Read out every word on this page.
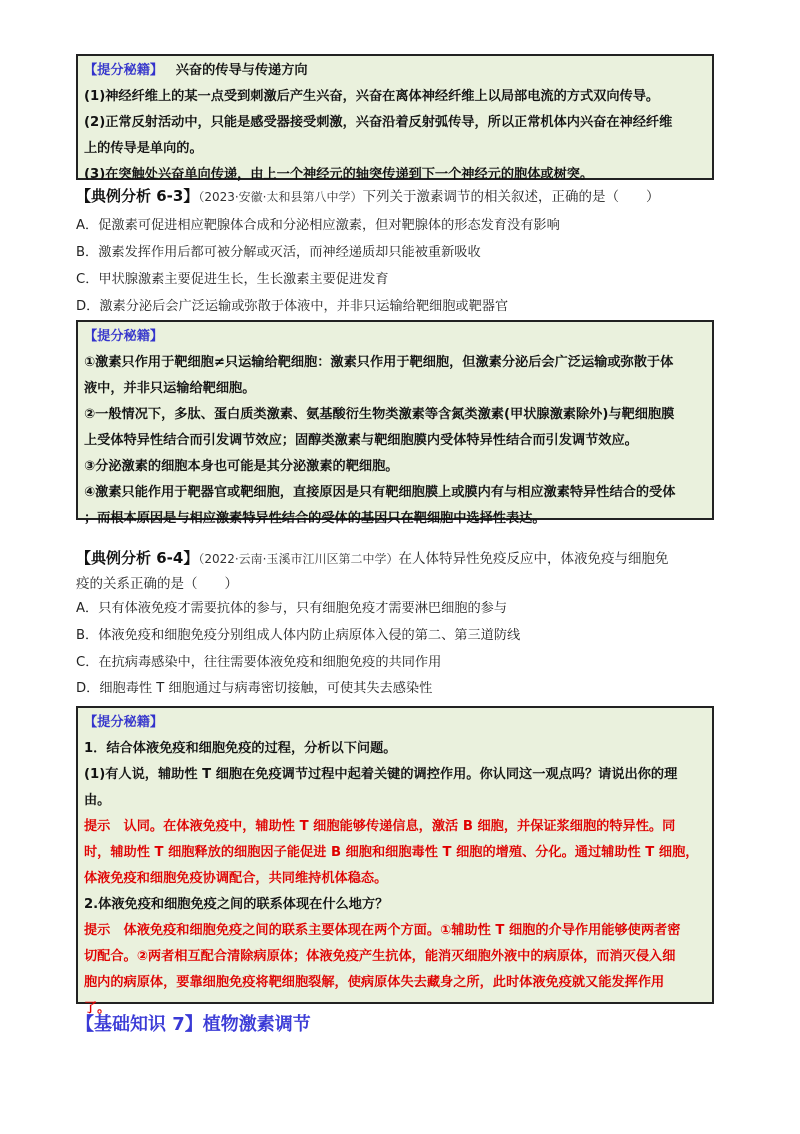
【提分秘籍】 兴奋的传导与传递方向

(1)神经纤维上的某一点受到刺激后产生兴奋，兴奋在离体神经纤维上以局部电流的方式双向传导。

(2)正常反射活动中，只能是感受器接受刺激，兴奋沿着反射弧传导，所以正常机体内兴奋在神经纤维

上的传导是单向的。

(3)在突触处兴奋单向传递，由上一个神经元的轴突传递到下一个神经元的胞体或树突。

【典例分析 6-3】（2023·安徽·太和县第八中学）下列关于激素调节的相关叙述，正确的是（　　）

A．促激素可促进相应靶腺体合成和分泌相应激素，但对靶腺体的形态发育没有影响

B．激素发挥作用后都可被分解或灭活，而神经递质却只能被重新吸收

C．甲状腺激素主要促进生长，生长激素主要促进发育

D．激素分泌后会广泛运输或弥散于体液中，并非只运输给靶细胞或靶器官

【提分秘籍】

①激素只作用于靶细胞≠只运输给靶细胞：激素只作用于靶细胞，但激素分泌后会广泛运输或弥散于体

液中，并非只运输给靶细胞。

②一般情况下，多肽、蛋白质类激素、氨基酸衍生物类激素等含氮类激素(甲状腺激素除外)与靶细胞膜

上受体特异性结合而引发调节效应；固醇类激素与靶细胞膜内受体特异性结合而引发调节效应。

③分泌激素的细胞本身也可能是其分泌激素的靶细胞。

④激素只能作用于靶器官或靶细胞，直接原因是只有靶细胞膜上或膜内有与相应激素特异性结合的受体

；而根本原因是与相应激素特异性结合的受体的基因只在靶细胞中选择性表达。

【典例分析 6-4】（2022·云南·玉溪市江川区第二中学）在人体特异性免疫反应中，体液免疫与细胞免
疫的关系正确的是（　　）

A．只有体液免疫才需要抗体的参与，只有细胞免疫才需要淋巴细胞的参与

B．体液免疫和细胞免疫分别组成人体内防止病原体入侵的第二、第三道防线

C．在抗病毒感染中，往往需要体液免疫和细胞免疫的共同作用

D．细胞毒性 T 细胞通过与病毒密切接触，可使其失去感染性

【提分秘籍】

1．结合体液免疫和细胞免疫的过程，分析以下问题。

(1)有人说，辅助性 T 细胞在免疫调节过程中起着关键的调控作用。你认同这一观点吗？请说出你的理

由。

提示　认同。在体液免疫中，辅助性 T 细胞能够传递信息，激活 B 细胞，并保证浆细胞的特异性。同

时，辅助性 T 细胞释放的细胞因子能促进 B 细胞和细胞毒性 T 细胞的增殖、分化。通过辅助性 T 细胞，

体液免疫和细胞免疫协调配合，共同维持机体稳态。

2.体液免疫和细胞免疫之间的联系体现在什么地方？

提示　体液免疫和细胞免疫之间的联系主要体现在两个方面。①辅助性 T 细胞的介导作用能够使两者密

切配合。②两者相互配合清除病原体；体液免疫产生抗体，能消灭细胞外液中的病原体，而消灭侵入细

胞内的病原体，要靠细胞免疫将靶细胞裂解，使病原体失去藏身之所，此时体液免疫就又能发挥作用

了。

【基础知识 7】植物激素调节
